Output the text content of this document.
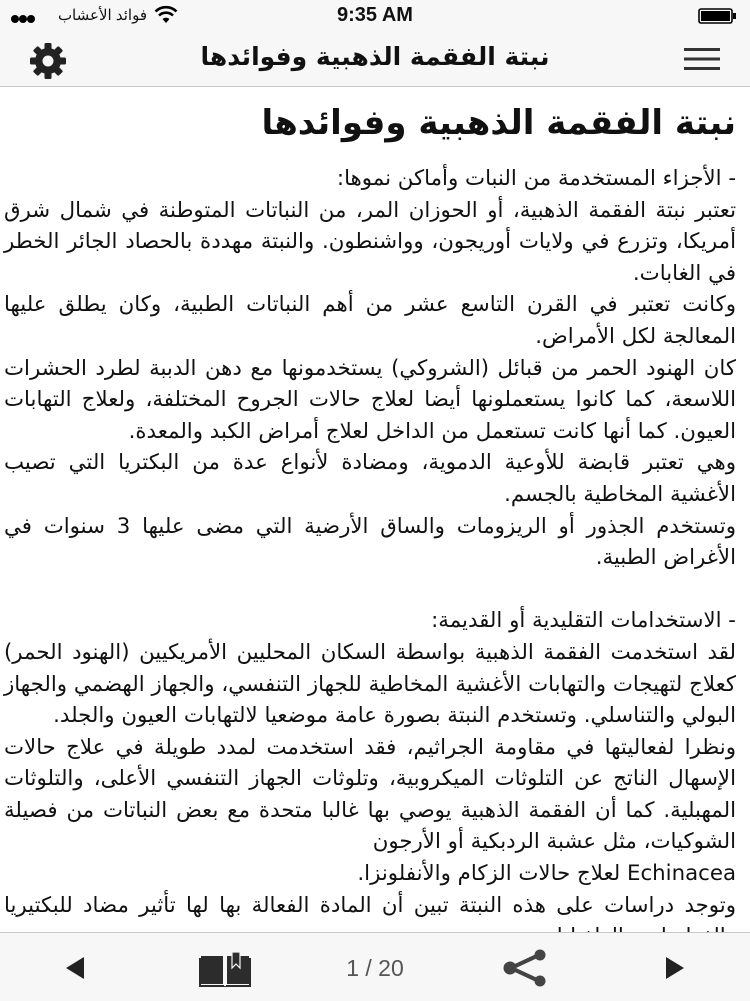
فوائد الأعشاب	9:35 AM
نبتة الفقمة الذهبية وفوائدها
نبتة الفقمة الذهبية وفوائدها

- الأجزاء المستخدمة من النبات وأماكن نموها:

تعتبر نبتة الفقمة الذهبية، أو الحوزان المر، من النباتات المتوطنة في شمال شرق أمريكا، وتزرع في ولايات أوريجون، وواشنطون. والنبتة مهددة بالحصاد الجائر الخطر في الغابات.

وكانت تعتبر في القرن التاسع عشر من أهم النباتات الطبية، وكان يطلق عليها المعالجة لكل الأمراض.

كان الهنود الحمر من قبائل (الشروكي) يستخدمونها مع دهن الدببة لطرد الحشرات اللاسعة، كما كانوا يستعملونها أيضا لعلاج حالات الجروح المختلفة، ولعلاج التهابات العيون. كما أنها كانت تستعمل من الداخل لعلاج أمراض الكبد والمعدة.

وهي تعتبر قابضة للأوعية الدموية، ومضادة لأنواع عدة من البكتريا التي تصيب الأغشية المخاطية بالجسم.

وتستخدم الجذور أو الريزومات والساق الأرضية التي مضى عليها 3 سنوات في الأغراض الطبية.

- الاستخدامات التقليدية أو القديمة:

لقد استخدمت الفقمة الذهبية بواسطة السكان المحليين الأمريكيين (الهنود الحمر) كعلاج لتهيجات والتهابات الأغشية المخاطية للجهاز التنفسي، والجهاز الهضمي والجهاز البولي والتناسلي. وتستخدم النبتة بصورة عامة موضعيا لالتهابات العيون والجلد.

ونظرا لفعاليتها في مقاومة الجراثيم، فقد استخدمت لمدد طويلة في علاج حالات الإسهال الناتج عن التلوثات الميكروبية، وتلوثات الجهاز التنفسي الأعلى، والتلوثات المهبلية. كما أن الفقمة الذهبية يوصي بها غالبا متحدة مع بعض النباتات من فصيلة الشوكيات، مثل عشبة الردبكية أو الأرجون

Echinacea لعلاج حالات الزكام والأنفلونزا.

وتوجد دراسات على هذه النبتة تبين أن المادة الفعالة بها لها تأثير مضاد للبكتيريا

1 / 20
